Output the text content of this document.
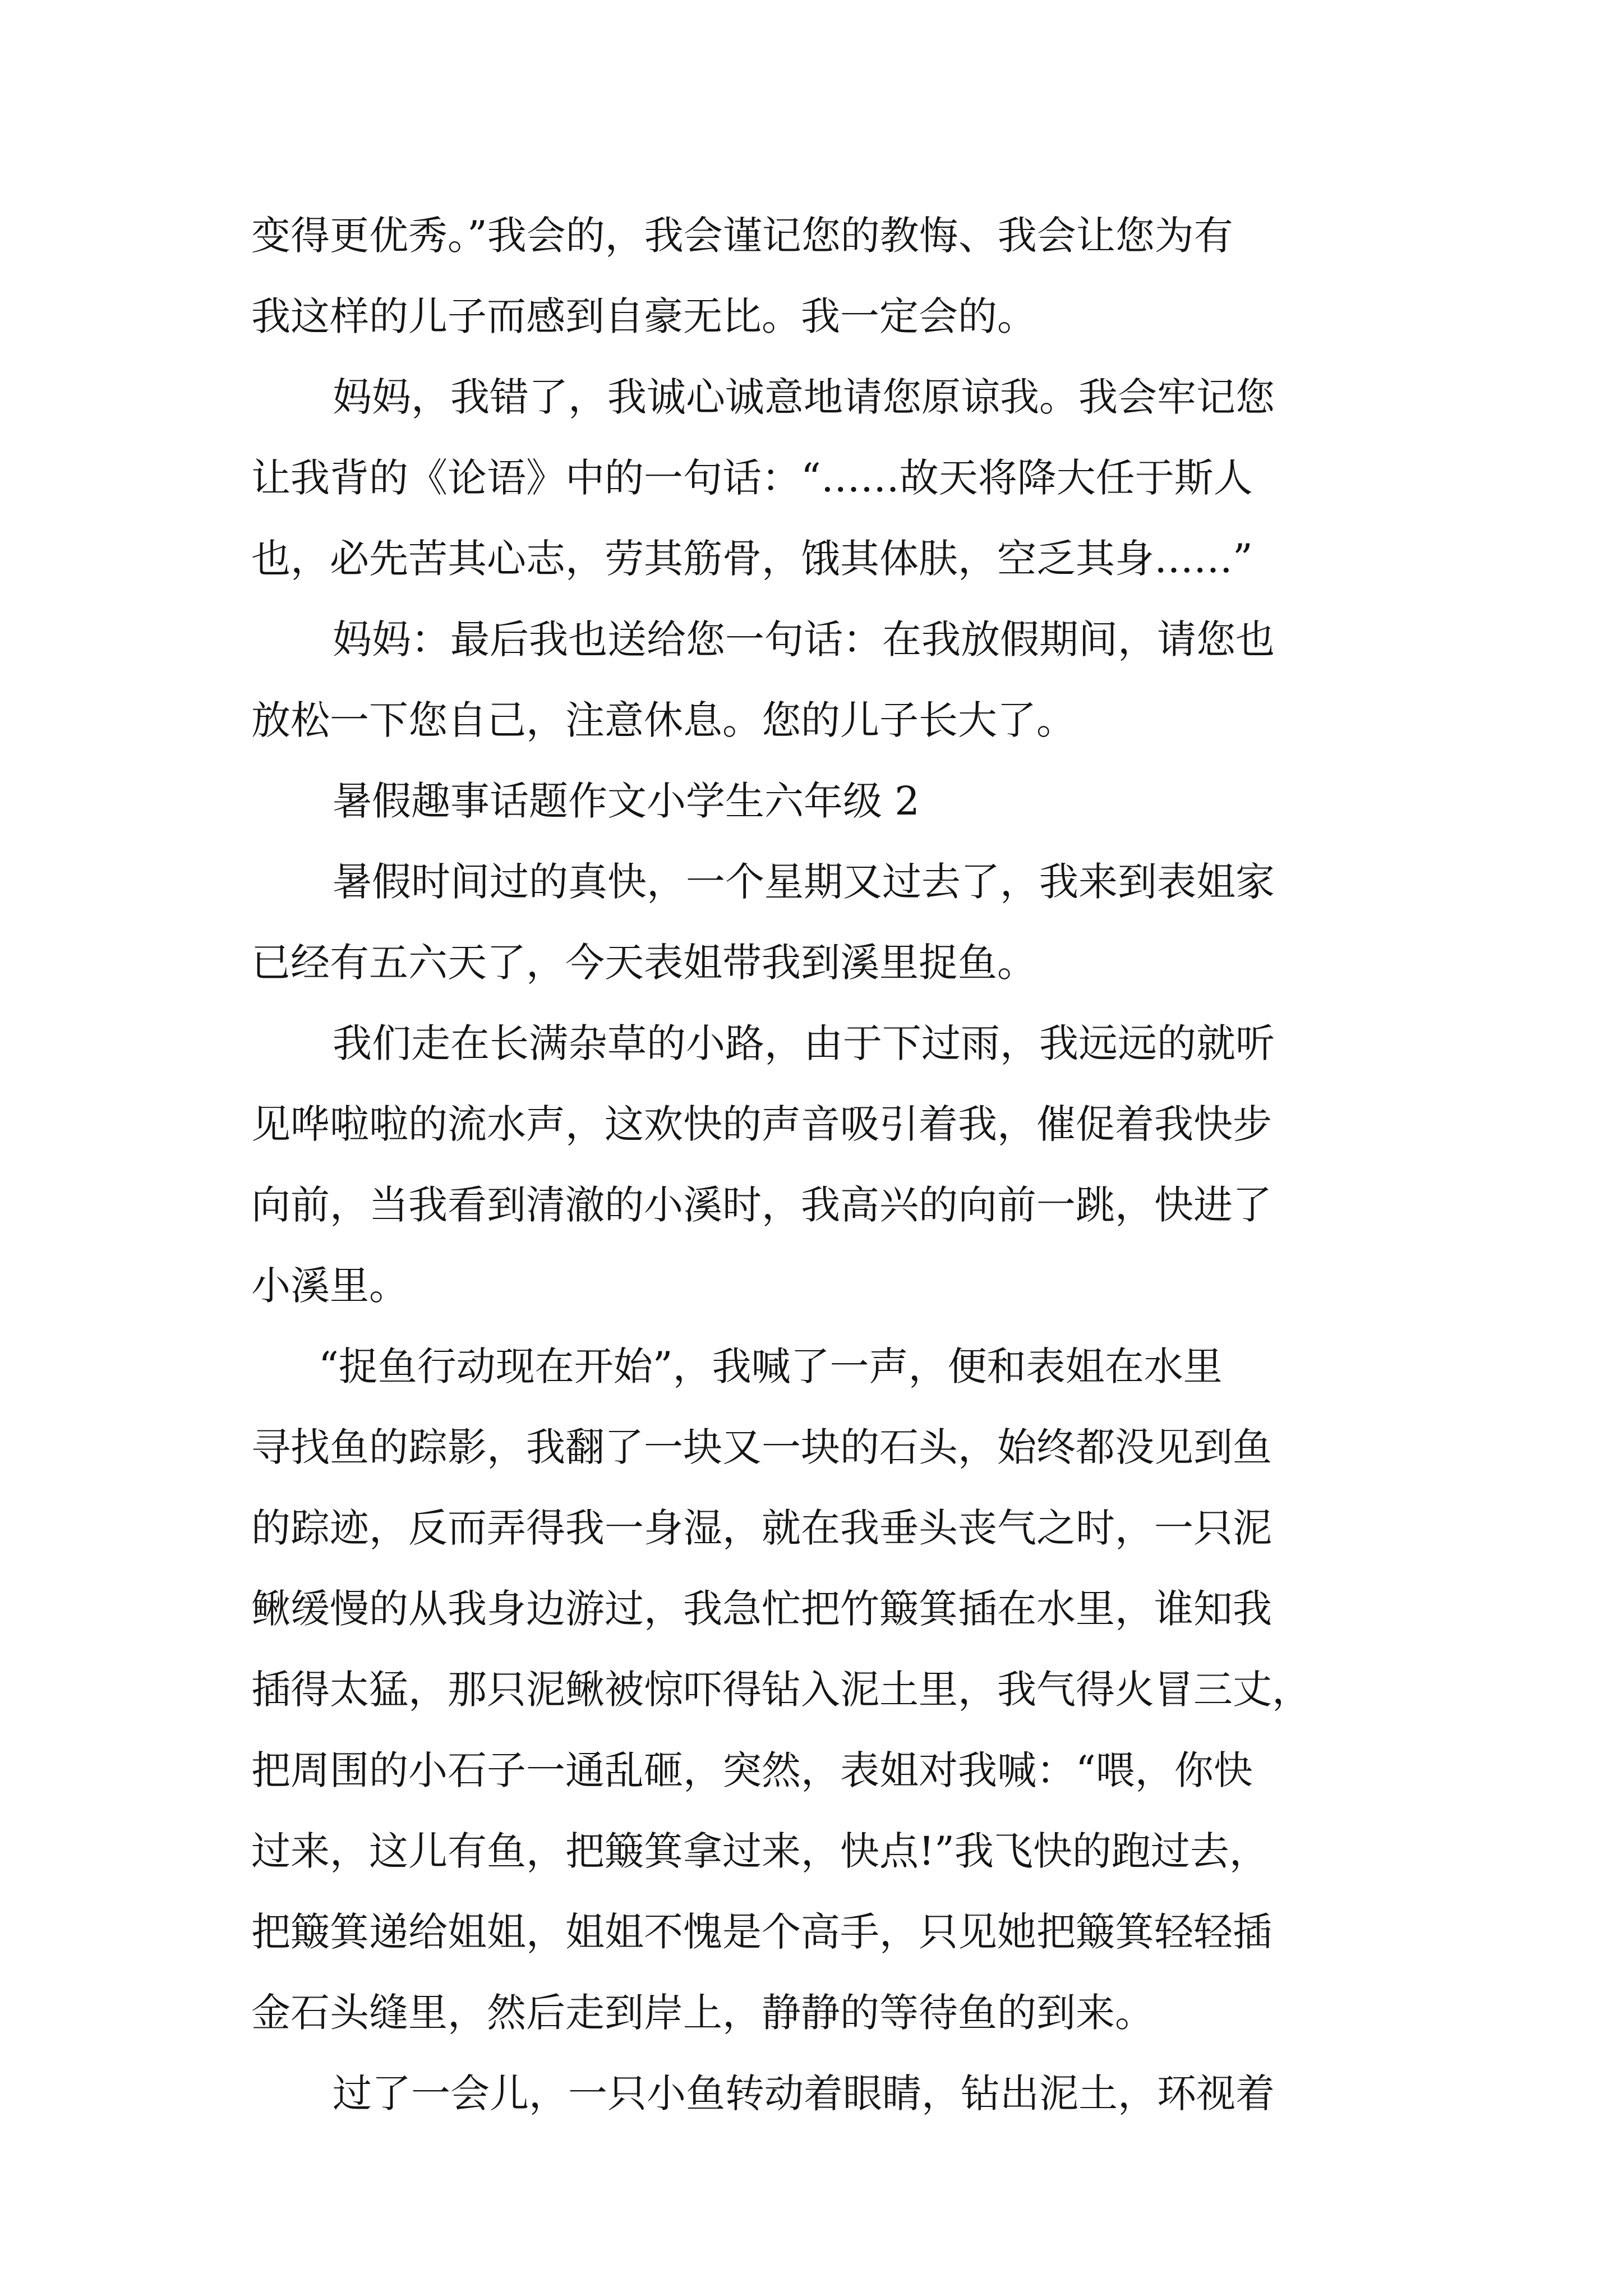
变得更优秀。”我会的，我会谨记您的教悔、我会让您为有
我这样的儿子而感到自豪无比。我一定会的。
妈妈，我错了，我诚心诚意地请您原谅我。我会牢记您
让我背的《论语》中的一句话：“……故天将降大任于斯人
也，必先苦其心志，劳其筋骨，饿其体肤，空乏其身……”
妈妈：最后我也送给您一句话：在我放假期间，请您也
放松一下您自己，注意休息。您的儿子长大了。
暑假趣事话题作文小学生六年级 2
暑假时间过的真快，一个星期又过去了，我来到表姐家
已经有五六天了，今天表姐带我到溪里捉鱼。
我们走在长满杂草的小路，由于下过雨，我远远的就听
见哗啦啦的流水声，这欢快的声音吸引着我，催促着我快步
向前，当我看到清澈的小溪时，我高兴的向前一跳，快进了
小溪里。
“捉鱼行动现在开始”，我喊了一声，便和表姐在水里
寻找鱼的踪影，我翻了一块又一块的石头，始终都没见到鱼
的踪迹，反而弄得我一身湿，就在我垂头丧气之时，一只泥
鳅缓慢的从我身边游过，我急忙把竹簸箕插在水里，谁知我
插得太猛，那只泥鳅被惊吓得钻入泥土里，我气得火冒三丈，
把周围的小石子一通乱砸，突然，表姐对我喊：“喂，你快
过来，这儿有鱼，把簸箕拿过来，快点!”我飞快的跑过去，
把簸箕递给姐姐，姐姐不愧是个高手，只见她把簸箕轻轻插
金石头缝里，然后走到岸上，静静的等待鱼的到来。
过了一会儿，一只小鱼转动着眼睛，钻出泥土，环视着
